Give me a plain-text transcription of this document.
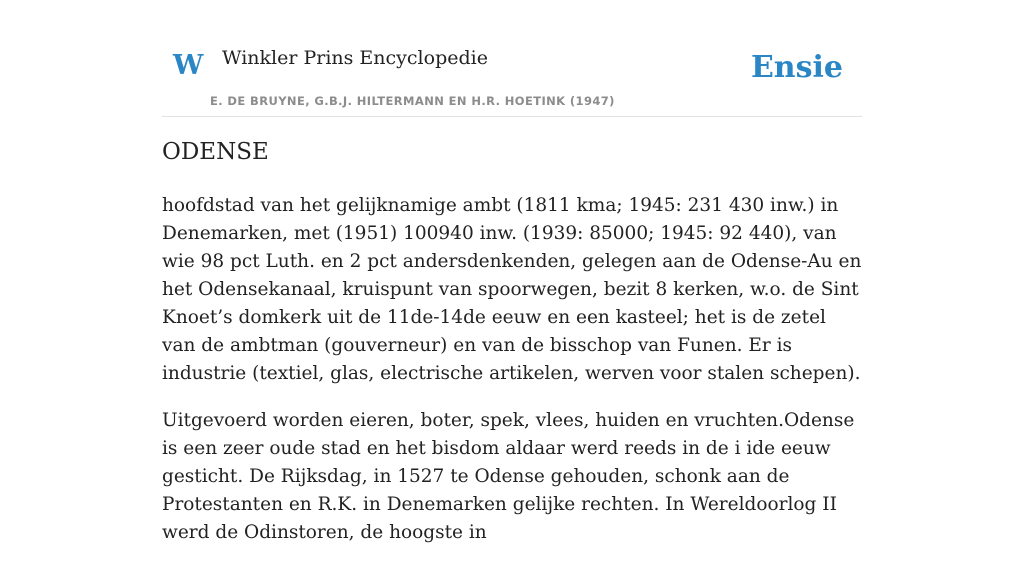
W Winkler Prins Encyclopedie
E. DE BRUYNE, G.B.J. HILTERMANN EN H.R. HOETINK (1947)
Ensie
ODENSE

hoofdstad van het gelijknamige ambt (1811 kma; 1945: 231 430 inw.) in Denemarken, met (1951) 100940 inw. (1939: 85000; 1945: 92 440), van wie 98 pct Luth. en 2 pct andersdenkenden, gelegen aan de Odense-Au en het Odensekanaal, kruispunt van spoorwegen, bezit 8 kerken, w.o. de Sint Knoet’s domkerk uit de 11de-14de eeuw en een kasteel; het is de zetel van de ambtman (gouverneur) en van de bisschop van Funen. Er is industrie (textiel, glas, electrische artikelen, werven voor stalen schepen).

Uitgevoerd worden eieren, boter, spek, vlees, huiden en vruchten.Odense is een zeer oude stad en het bisdom aldaar werd reeds in de i ide eeuw gesticht. De Rijksdag, in 1527 te Odense gehouden, schonk aan de Protestanten en R.K. in Denemarken gelijke rechten. In Wereldoorlog II werd de Odinstoren, de hoogste in
